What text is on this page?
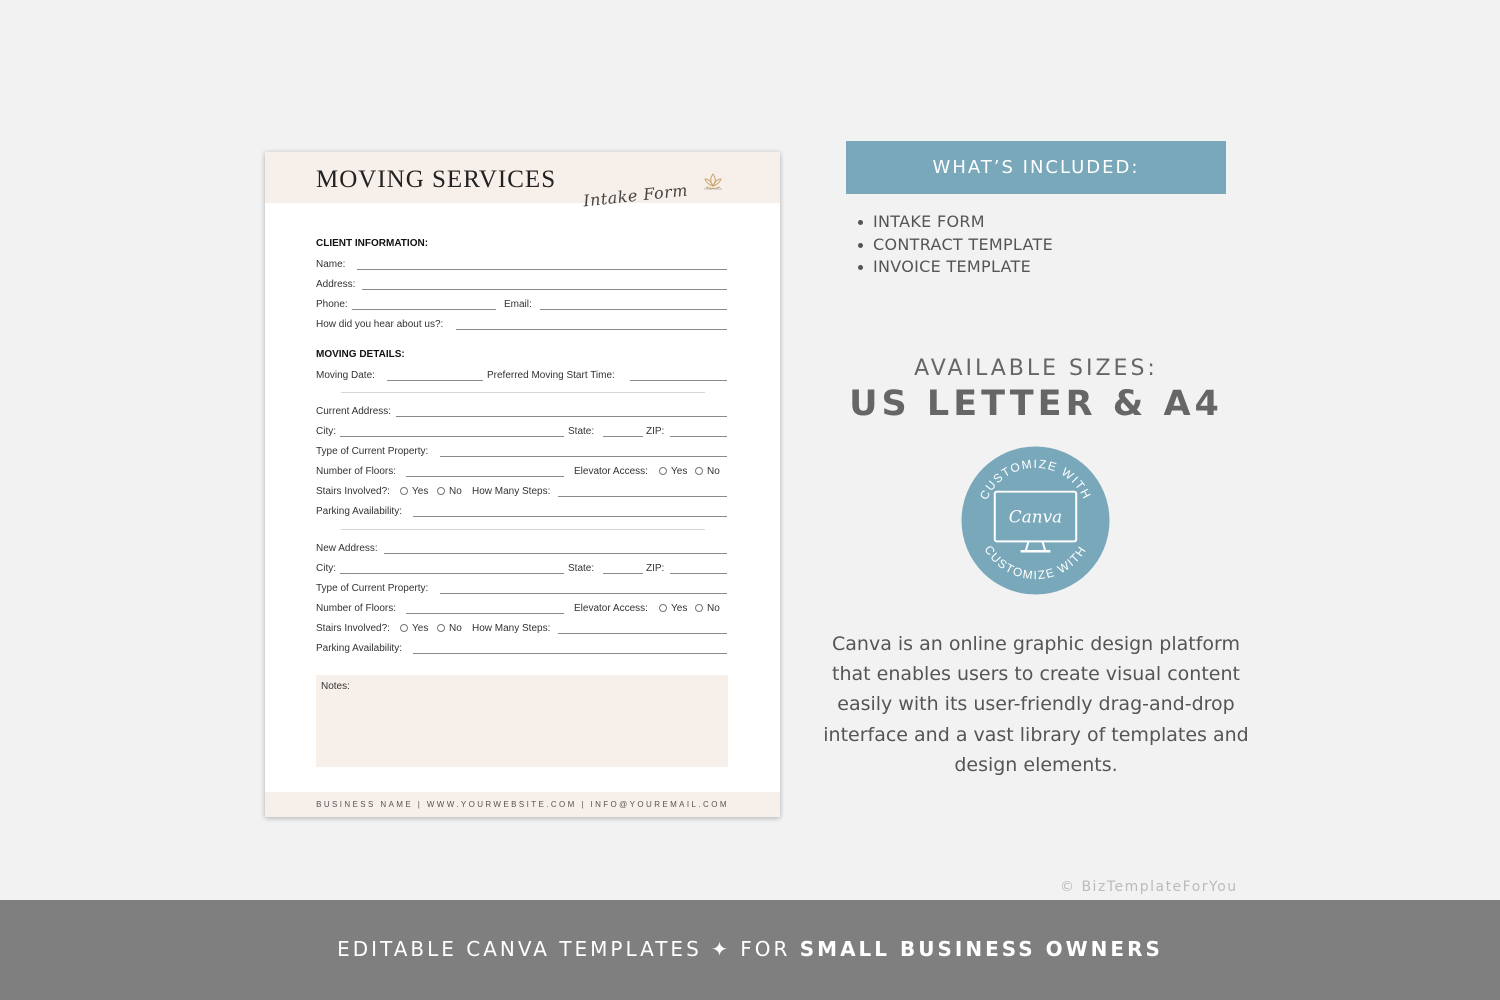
MOVING SERVICES
Intake Form	YOUR LOGO
CLIENT INFORMATION:
Name:
Address:
Phone:	Email:
How did you hear about us?:
MOVING DETAILS:
Moving Date:	Preferred Moving Start Time:
Current Address:
City:	State:	ZIP:
Type of Current Property:
Number of Floors:	Elevator Access:	Yes	No
Stairs Involved?:	Yes	No How Many Steps:
Parking Availability:
New Address:
City:	State:	ZIP:
Type of Current Property:
Number of Floors:	Elevator Access:	Yes	No
Stairs Involved?:	Yes	No How Many Steps:
Parking Availability:
Notes:
BUSINESS NAME | WWW.YOURWEBSITE.COM | INFO@YOUREMAIL.COM
WHAT’S INCLUDED:
INTAKE FORM
CONTRACT TEMPLATE
INVOICE TEMPLATE
AVAILABLE SIZES:
US LETTER & A4
CUSTOMIZE WITH
CUSTOMIZE WITH
Canva
Canva is an online graphic design platform that enables users to create visual content easily with its user-friendly drag-and-drop interface and a vast library of templates and design elements.
© BizTemplateForYou
EDITABLE CANVA TEMPLATES ✦ FOR SMALL BUSINESS OWNERS
